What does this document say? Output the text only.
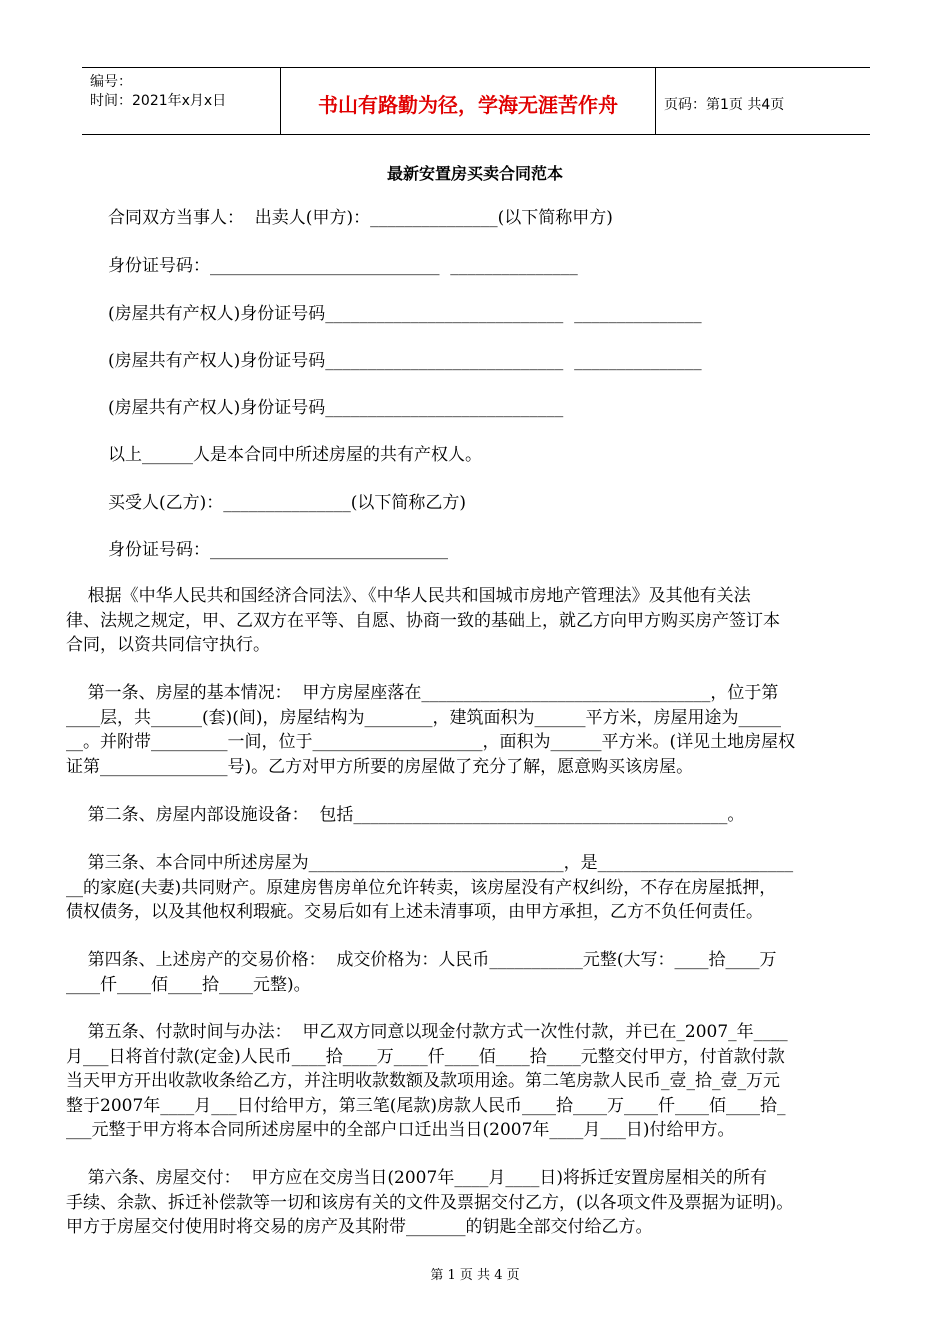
编号：
时间：2021年x月x日	书山有路勤为径，学海无涯苦作舟	页码：第1页 共4页
最新安置房买卖合同范本
合同双方当事人：  出卖人(甲方)：_______________(以下简称甲方)
身份证号码：___________________________  _______________
(房屋共有产权人)身份证号码____________________________  _______________
(房屋共有产权人)身份证号码____________________________  _______________
(房屋共有产权人)身份证号码____________________________
以上______人是本合同中所述房屋的共有产权人。
买受人(乙方)：_______________(以下简称乙方)
身份证号码：____________________________
根据《中华人民共和国经济合同法》、《中华人民共和国城市房地产管理法》及其他有关法
律、法规之规定，甲、乙双方在平等、自愿、协商一致的基础上，就乙方向甲方购买房产签订本
合同，以资共同信守执行。
第一条、房屋的基本情况：  甲方房屋座落在__________________________________，位于第
____层，共______(套)(间)，房屋结构为________，建筑面积为______平方米，房屋用途为_____
__。并附带_________一间，位于____________________，面积为______平方米。(详见土地房屋权
证第_______________号)。乙方对甲方所要的房屋做了充分了解，愿意购买该房屋。
第二条、房屋内部设施设备：  包括____________________________________________。
第三条、本合同中所述房屋为______________________________，是_______________________
__的家庭(夫妻)共同财产。原建房售房单位允许转卖，该房屋没有产权纠纷，不存在房屋抵押，
债权债务，以及其他权利瑕疵。交易后如有上述未清事项，由甲方承担，乙方不负任何责任。
第四条、上述房产的交易价格：  成交价格为：人民币___________元整(大写：____拾____万
____仟____佰____拾____元整)。
第五条、付款时间与办法：  甲乙双方同意以现金付款方式一次性付款，并已在_2007_年____
月___日将首付款(定金)人民币____拾____万____仟____佰____拾____元整交付甲方，付首款付款
当天甲方开出收款收条给乙方，并注明收款数额及款项用途。第二笔房款人民币_壹_拾_壹_万元
整于2007年____月___日付给甲方，第三笔(尾款)房款人民币____拾____万____仟____佰____拾_
___元整于甲方将本合同所述房屋中的全部户口迁出当日(2007年____月___日)付给甲方。
第六条、房屋交付：  甲方应在交房当日(2007年____月____日)将拆迁安置房屋相关的所有
手续、余款、拆迁补偿款等一切和该房有关的文件及票据交付乙方，(以各项文件及票据为证明)。
甲方于房屋交付使用时将交易的房产及其附带_______的钥匙全部交付给乙方。
第 1 页 共 4 页
